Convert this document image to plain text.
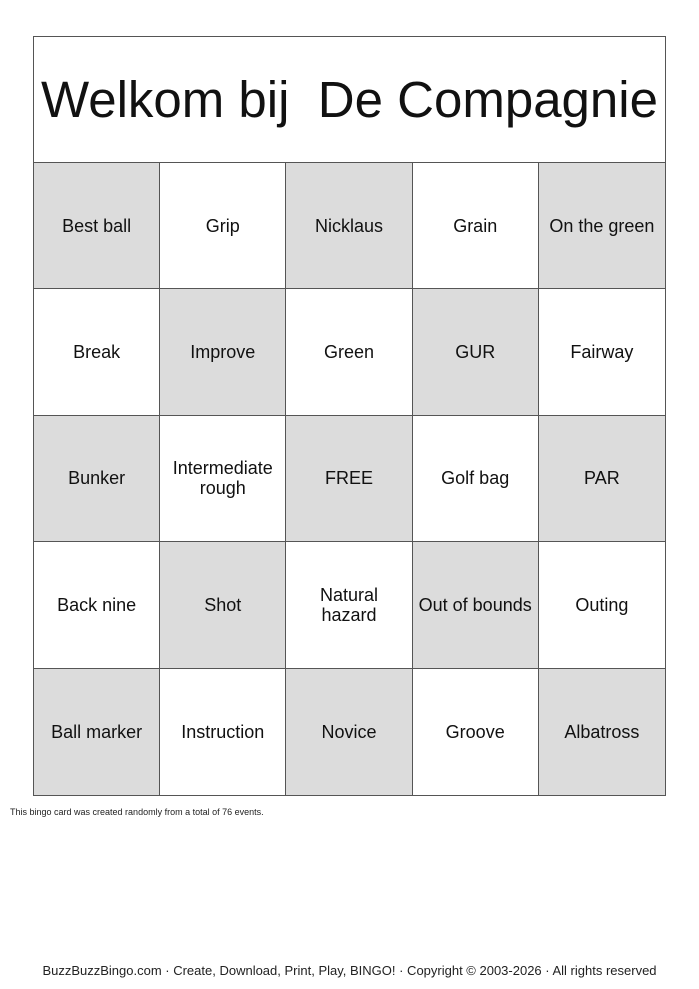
Welkom bij  De Compagnie
Best ball	Grip	Nicklaus	Grain	On the green
Break	Improve	Green	GUR	Fairway
Bunker	Intermediate rough	FREE	Golf bag	PAR
Back nine	Shot	Natural hazard	Out of bounds	Outing
Ball marker	Instruction	Novice	Groove	Albatross
This bingo card was created randomly from a total of 76 events.
BuzzBuzzBingo.com · Create, Download, Print, Play, BINGO! · Copyright © 2003-2026 · All rights reserved
